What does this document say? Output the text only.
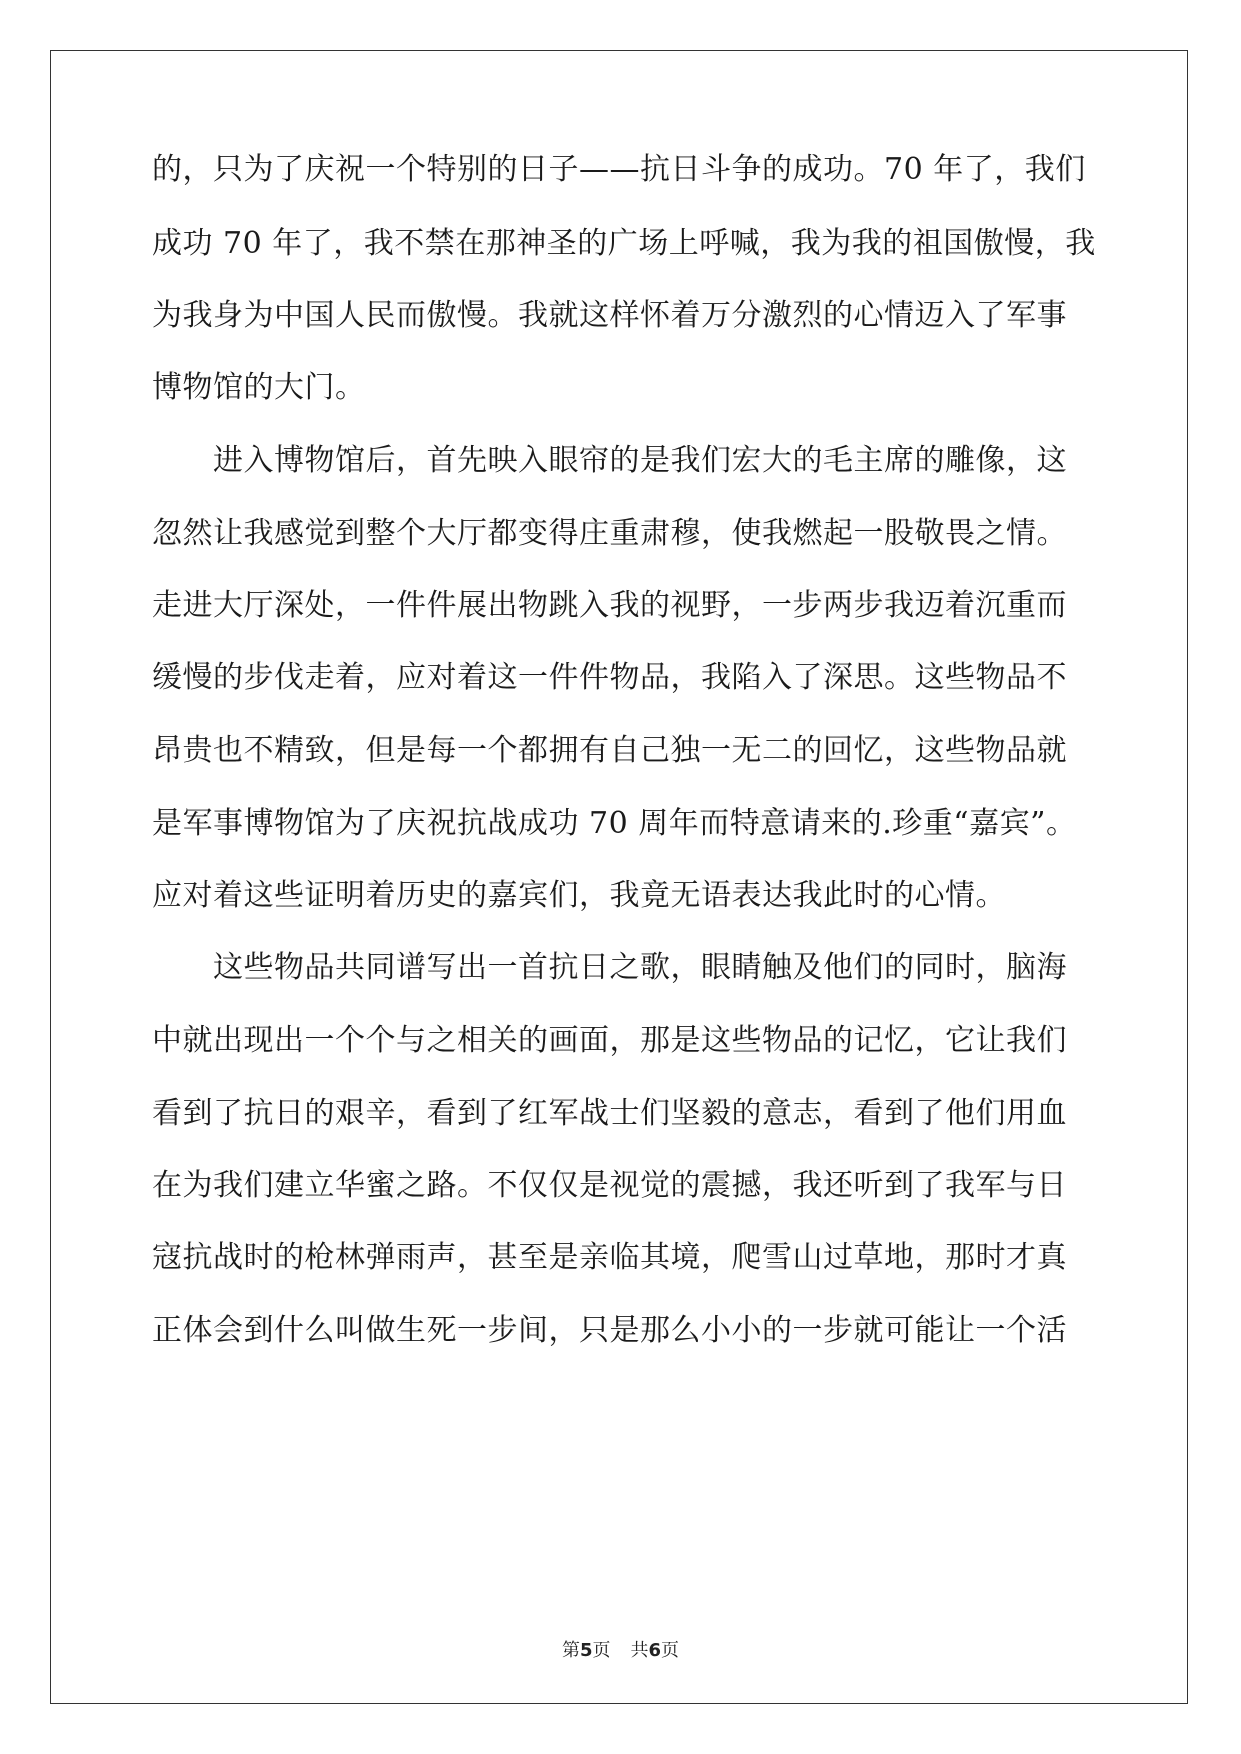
的，只为了庆祝一个特别的日子——抗日斗争的成功。70 年了，我们
成功 70 年了，我不禁在那神圣的广场上呼喊，我为我的祖国傲慢，我
为我身为中国人民而傲慢。我就这样怀着万分激烈的心情迈入了军事
博物馆的大门。
　　进入博物馆后，首先映入眼帘的是我们宏大的毛主席的雕像，这
忽然让我感觉到整个大厅都变得庄重肃穆，使我燃起一股敬畏之情。
走进大厅深处，一件件展出物跳入我的视野，一步两步我迈着沉重而
缓慢的步伐走着，应对着这一件件物品，我陷入了深思。这些物品不
昂贵也不精致，但是每一个都拥有自己独一无二的回忆，这些物品就
是军事博物馆为了庆祝抗战成功 70 周年而特意请来的.珍重“嘉宾”。
应对着这些证明着历史的嘉宾们，我竟无语表达我此时的心情。
　　这些物品共同谱写出一首抗日之歌，眼睛触及他们的同时，脑海
中就出现出一个个与之相关的画面，那是这些物品的记忆，它让我们
看到了抗日的艰辛，看到了红军战士们坚毅的意志，看到了他们用血
在为我们建立华蜜之路。不仅仅是视觉的震撼，我还听到了我军与日
寇抗战时的枪林弹雨声，甚至是亲临其境，爬雪山过草地，那时才真
正体会到什么叫做生死一步间，只是那么小小的一步就可能让一个活
第5页 共6页
